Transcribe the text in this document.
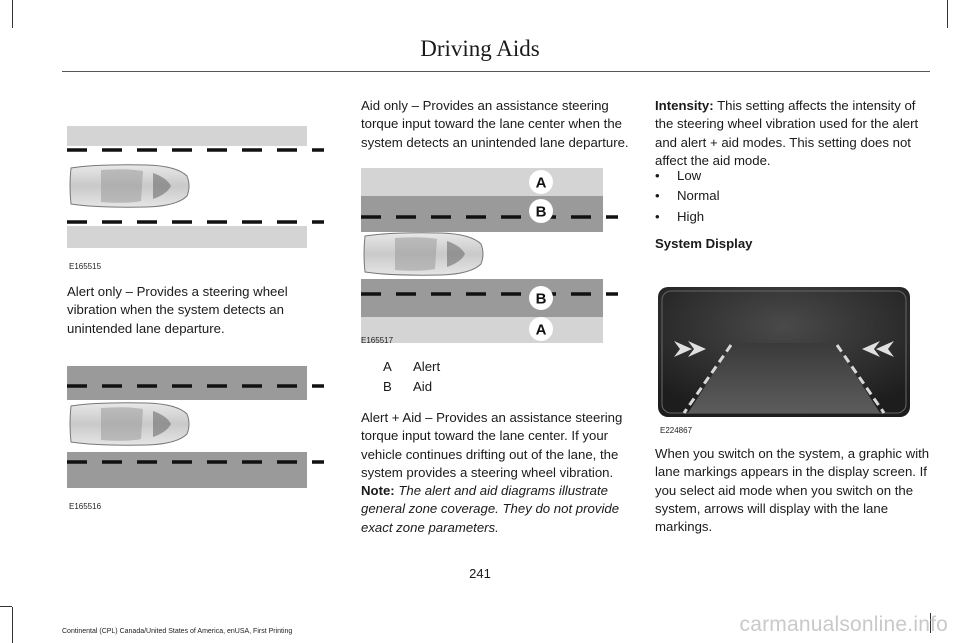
Driving Aids
E165515
Alert only – Provides a steering wheel vibration when the system detects an unintended lane departure.
E165516
Aid only – Provides an assistance steering torque input toward the lane center when the system detects an unintended lane departure.
A
B
B
A
E165517
A	Alert
B	Aid
Alert + Aid – Provides an assistance steering torque input toward the lane center. If your vehicle continues drifting out of the lane, the system provides a steering wheel vibration.
Note: The alert and aid diagrams illustrate general zone coverage. They do not provide exact zone parameters.
Intensity: This setting affects the intensity of the steering wheel vibration used for the alert and alert + aid modes. This setting does not affect the aid mode.
•	Low
•	Normal
•	High
System Display
E224867
When you switch on the system, a graphic with lane markings appears in the display screen. If you select aid mode when you switch on the system, arrows will display with the lane markings.
241
Continental (CPL) Canada/United States of America, enUSA, First Printing	carmanualsonline.info
